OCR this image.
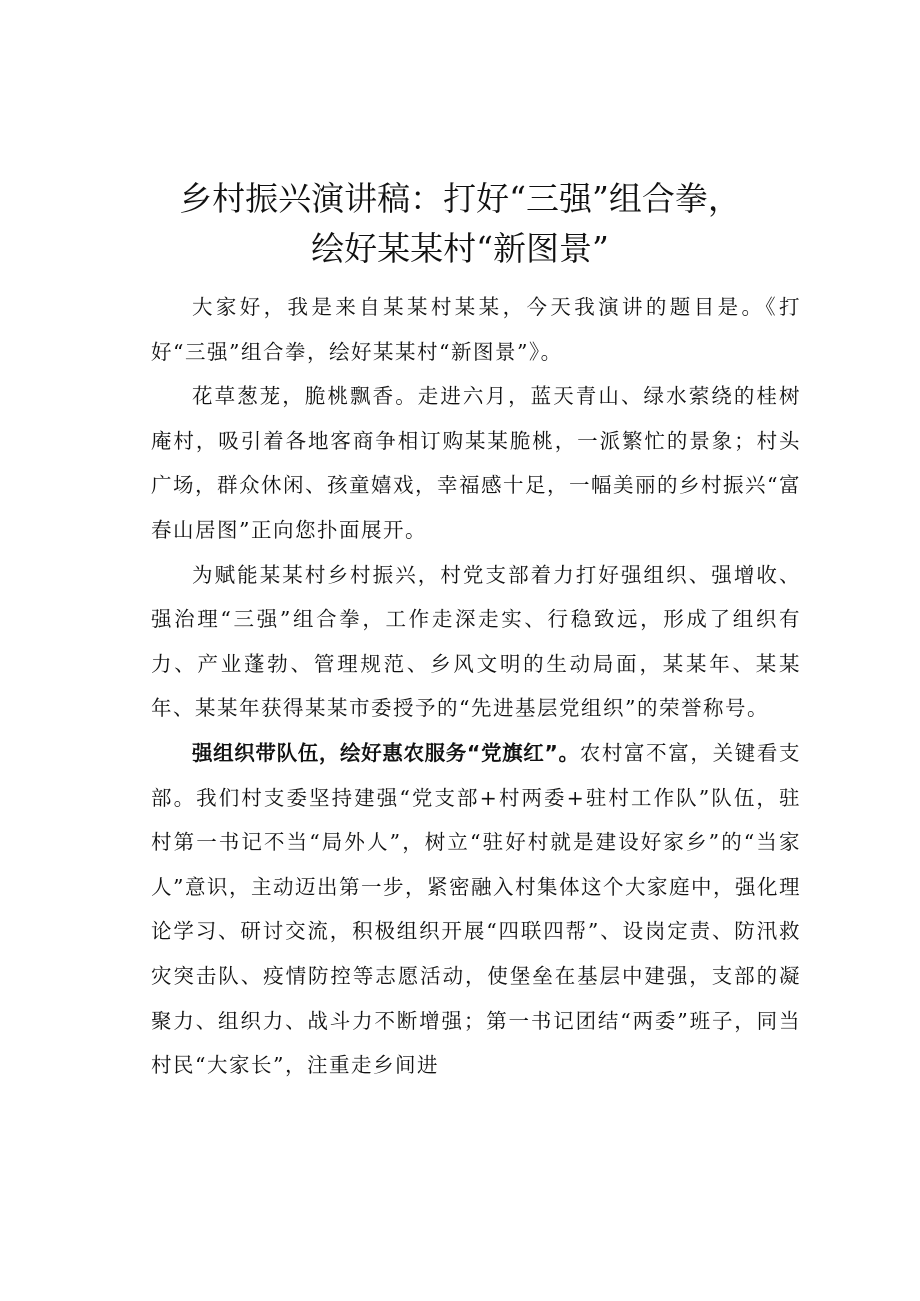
乡村振兴演讲稿：打好“三强”组合拳，
绘好某某村“新图景”

大家好，我是来自某某村某某，今天我演讲的题目是。《打好“三强”组合拳，绘好某某村“新图景”》。

花草葱茏，脆桃飘香。走进六月，蓝天青山、绿水萦绕的桂树庵村，吸引着各地客商争相订购某某脆桃，一派繁忙的景象；村头广场，群众休闲、孩童嬉戏，幸福感十足，一幅美丽的乡村振兴“富春山居图”正向您扑面展开。

为赋能某某村乡村振兴，村党支部着力打好强组织、强增收、强治理“三强”组合拳，工作走深走实、行稳致远，形成了组织有力、产业蓬勃、管理规范、乡风文明的生动局面，某某年、某某年、某某年获得某某市委授予的“先进基层党组织”的荣誉称号。

强组织带队伍，绘好惠农服务“党旗红”。农村富不富，关键看支部。我们村支委坚持建强“党支部+村两委+驻村工作队”队伍，驻村第一书记不当“局外人”，树立“驻好村就是建设好家乡”的“当家人”意识，主动迈出第一步，紧密融入村集体这个大家庭中，强化理论学习、研讨交流，积极组织开展“四联四帮”、设岗定责、防汛救灾突击队、疫情防控等志愿活动，使堡垒在基层中建强，支部的凝聚力、组织力、战斗力不断增强；第一书记团结“两委”班子，同当村民“大家长”，注重走乡间进
